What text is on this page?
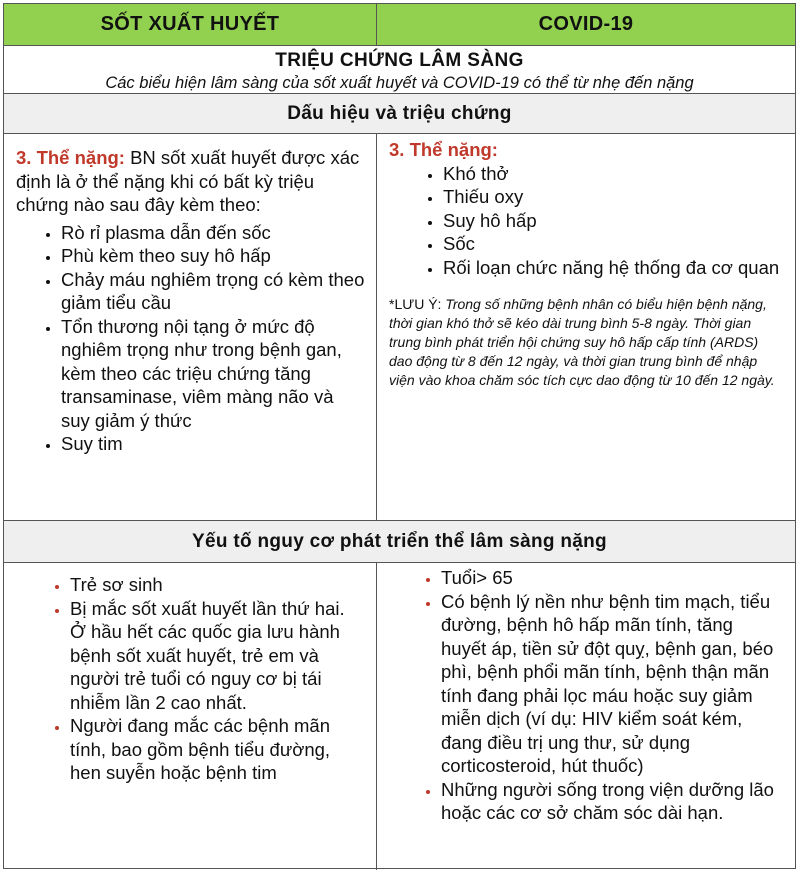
SỐT XUẤT HUYẾT	COVID-19
TRIỆU CHỨNG LÂM SÀNG
Các biểu hiện lâm sàng của sốt xuất huyết và COVID-19 có thể từ nhẹ đến nặng
Dấu hiệu và triệu chứng
3. Thể nặng: BN sốt xuất huyết được xác định là ở thể nặng khi có bất kỳ triệu chứng nào sau đây kèm theo:
• Rò rỉ plasma dẫn đến sốc
• Phù kèm theo suy hô hấp
• Chảy máu nghiêm trọng có kèm theo giảm tiểu cầu
• Tổn thương nội tạng ở mức độ nghiêm trọng như trong bệnh gan, kèm theo các triệu chứng tăng transaminase, viêm màng não và suy giảm ý thức
• Suy tim
3. Thể nặng:
• Khó thở
• Thiếu oxy
• Suy hô hấp
• Sốc
• Rối loạn chức năng hệ thống đa cơ quan
*LƯU Ý: Trong số những bệnh nhân có biểu hiện bệnh nặng, thời gian khó thở sẽ kéo dài trung bình 5-8 ngày. Thời gian trung bình phát triển hội chứng suy hô hấp cấp tính (ARDS) dao động từ 8 đến 12 ngày, và thời gian trung bình để nhập viện vào khoa chăm sóc tích cực dao động từ 10 đến 12 ngày.
Yếu tố nguy cơ phát triển thể lâm sàng nặng
• Trẻ sơ sinh
• Bị mắc sốt xuất huyết lần thứ hai. Ở hầu hết các quốc gia lưu hành bệnh sốt xuất huyết, trẻ em và người trẻ tuổi có nguy cơ bị tái nhiễm lần 2 cao nhất.
• Người đang mắc các bệnh mãn tính, bao gồm bệnh tiểu đường, hen suyễn hoặc bệnh tim
• Tuổi> 65
• Có bệnh lý nền như bệnh tim mạch, tiểu đường, bệnh hô hấp mãn tính, tăng huyết áp, tiền sử đột quỵ, bệnh gan, béo phì, bệnh phổi mãn tính, bệnh thận mãn tính đang phải lọc máu hoặc suy giảm miễn dịch (ví dụ: HIV kiểm soát kém, đang điều trị ung thư, sử dụng corticosteroid, hút thuốc)
• Những người sống trong viện dưỡng lão hoặc các cơ sở chăm sóc dài hạn.
